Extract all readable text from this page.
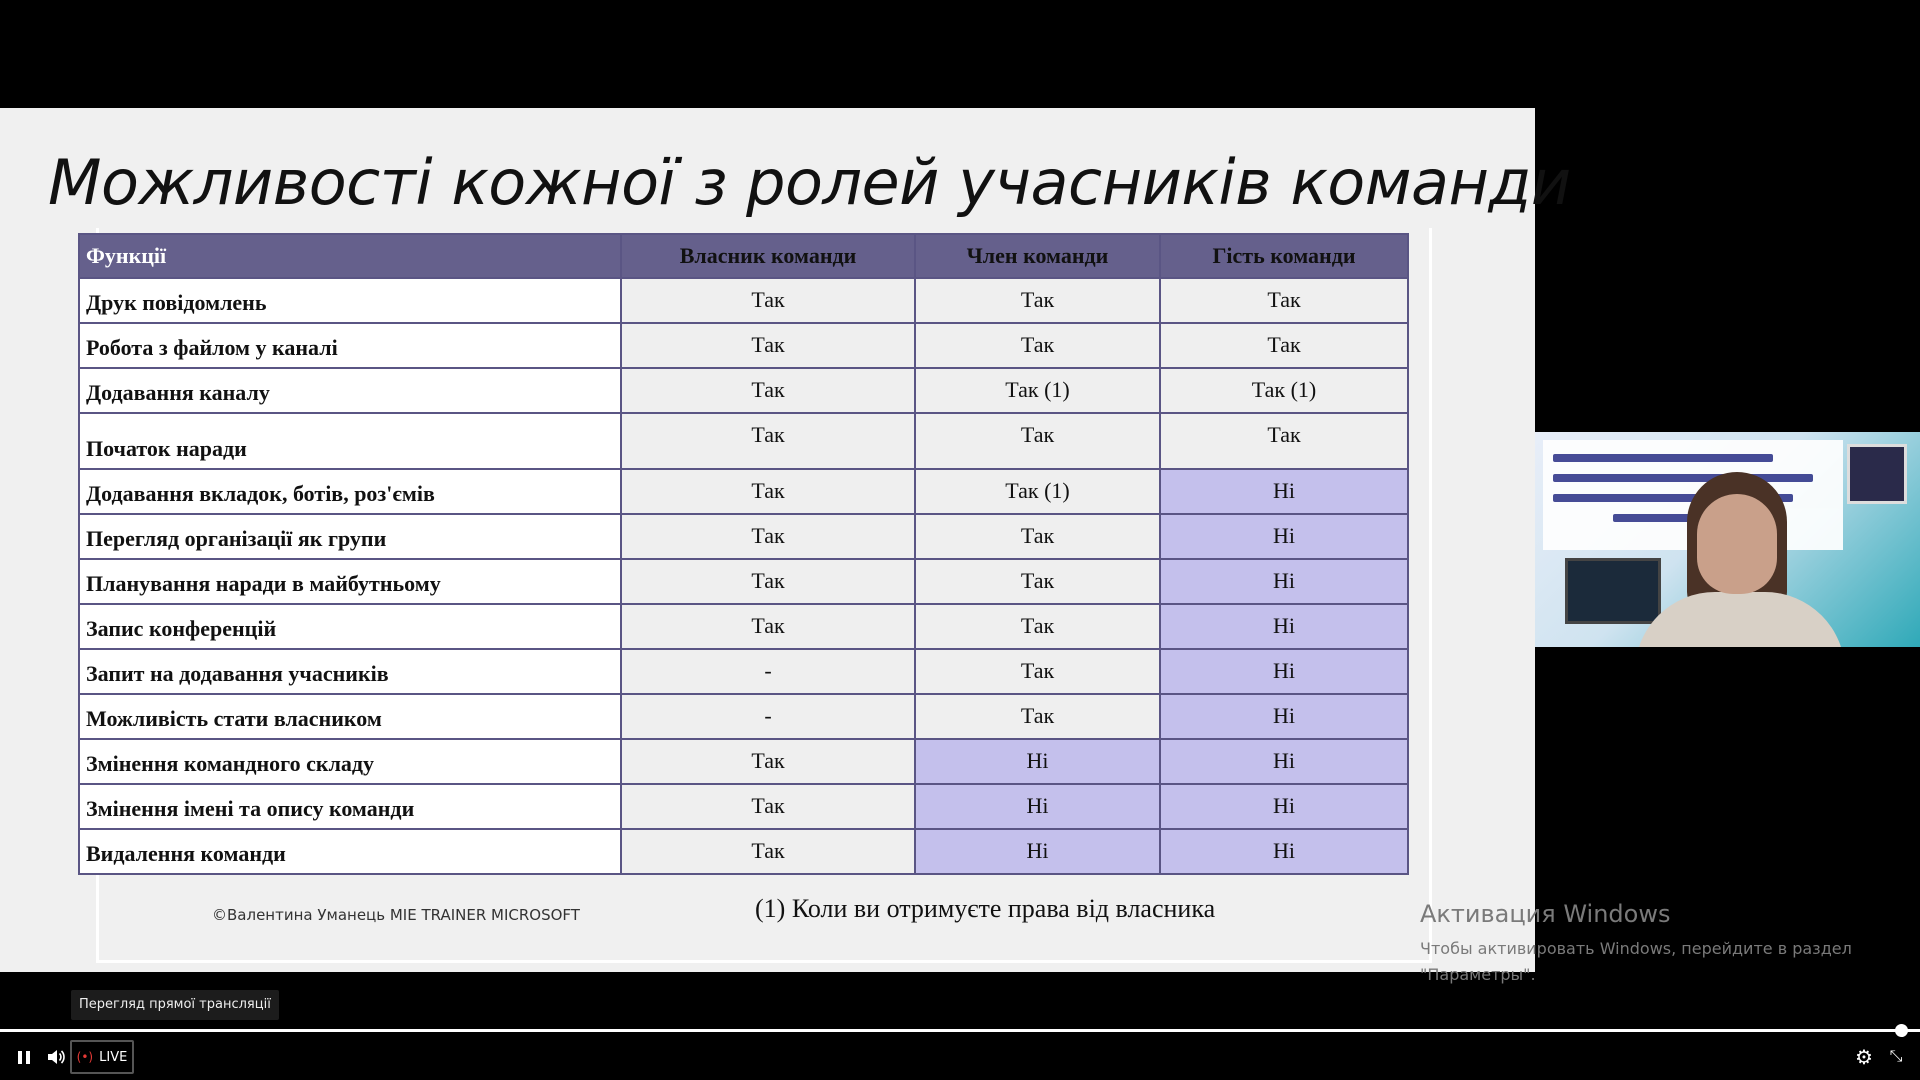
Можливості кожної з ролей учасників команди
Функції	Власник команди	Член команди	Гість команди
Друк повідомлень	Так	Так	Так
Робота з файлом у каналі	Так	Так	Так
Додавання каналу	Так	Так (1)	Так (1)
Початок наради	Так	Так	Так
Додавання вкладок, ботів, роз'ємів	Так	Так (1)	Ні
Перегляд організації як групи	Так	Так	Ні
Планування наради в майбутньому	Так	Так	Ні
Запис конференцій	Так	Так	Ні
Запит на додавання учасників	-	Так	Ні
Можливість стати власником	-	Так	Ні
Змінення командного складу	Так	Ні	Ні
Змінення імені та опису команди	Так	Ні	Ні
Видалення команди	Так	Ні	Ні
©Валентина Уманець MIE TRAINER MICROSOFT	(1) Коли ви отримуєте права від власника	Активация Windows
Чтобы активировать Windows, перейдите в раздел "Параметры".
Перегляд прямої трансляції
(•) LIVE	⚙	⤡
